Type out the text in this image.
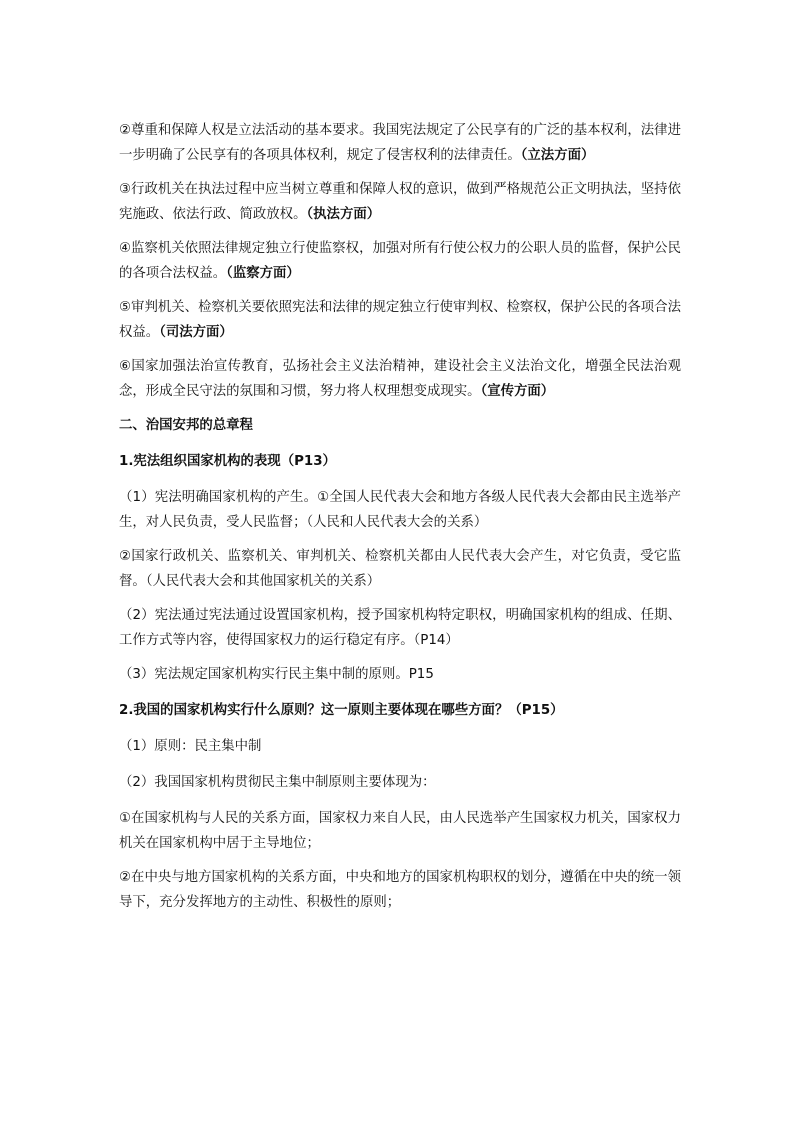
②尊重和保障人权是立法活动的基本要求。我国宪法规定了公民享有的广泛的基本权利，法律进一步明确了公民享有的各项具体权利，规定了侵害权利的法律责任。（立法方面）

③行政机关在执法过程中应当树立尊重和保障人权的意识，做到严格规范公正文明执法，坚持依宪施政、依法行政、简政放权。（执法方面）

④监察机关依照法律规定独立行使监察权，加强对所有行使公权力的公职人员的监督，保护公民的各项合法权益。（监察方面）

⑤审判机关、检察机关要依照宪法和法律的规定独立行使审判权、检察权，保护公民的各项合法权益。（司法方面）

⑥国家加强法治宣传教育，弘扬社会主义法治精神，建设社会主义法治文化，增强全民法治观念，形成全民守法的氛围和习惯，努力将人权理想变成现实。（宣传方面）

二、治国安邦的总章程

1.宪法组织国家机构的表现（P13）

（1）宪法明确国家机构的产生。①全国人民代表大会和地方各级人民代表大会都由民主选举产生，对人民负责，受人民监督；（人民和人民代表大会的关系）

②国家行政机关、监察机关、审判机关、检察机关都由人民代表大会产生，对它负责，受它监督。（人民代表大会和其他国家机关的关系）

（2）宪法通过宪法通过设置国家机构，授予国家机构特定职权，明确国家机构的组成、任期、工作方式等内容，使得国家权力的运行稳定有序。（P14）

（3）宪法规定国家机构实行民主集中制的原则。P15

2.我国的国家机构实行什么原则？这一原则主要体现在哪些方面？（P15）

（1）原则：民主集中制

（2）我国国家机构贯彻民主集中制原则主要体现为：

①在国家机构与人民的关系方面，国家权力来自人民，由人民选举产生国家权力机关，国家权力机关在国家机构中居于主导地位；

②在中央与地方国家机构的关系方面，中央和地方的国家机构职权的划分，遵循在中央的统一领导下，充分发挥地方的主动性、积极性的原则；
